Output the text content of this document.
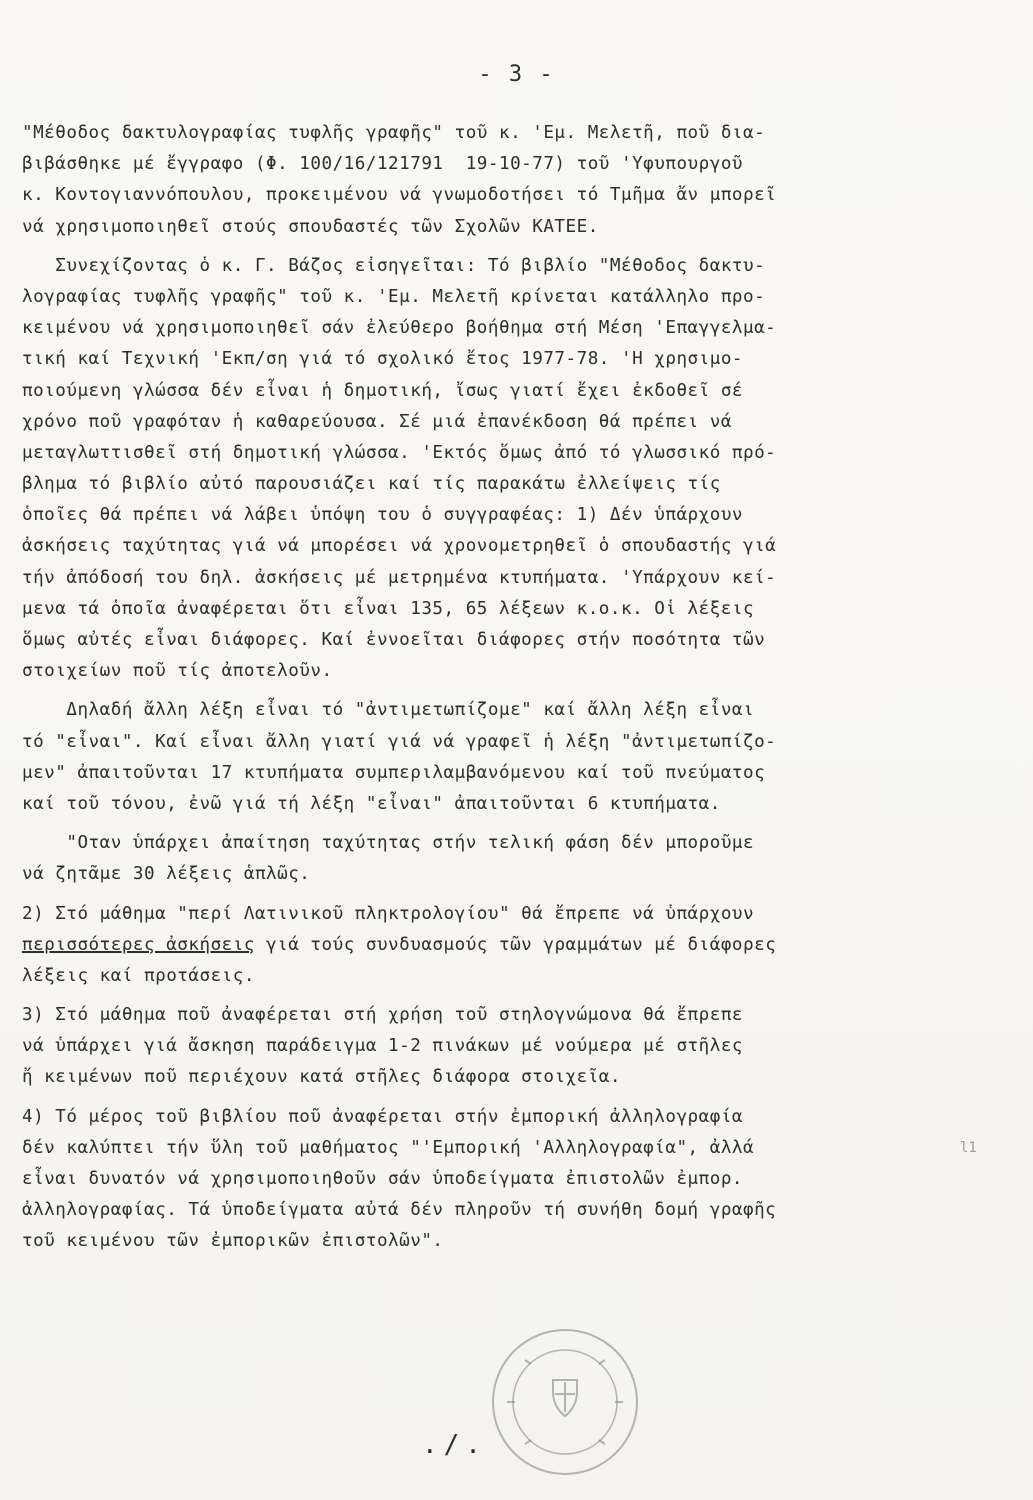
- 3 -
"Μέθοδος δακτυλογραφίας τυφλῆς γραφῆς" τοῦ κ. 'Εμ. Μελετῆ, ποῦ δια-
βιβάσθηκε μέ ἔγγραφο (Φ. 100/16/121791  19-10-77) τοῦ 'Υφυπουργοῦ
κ. Κοντογιαννόπουλου, προκειμένου νά γνωμοδοτήσει τό Τμῆμα ἄν μπορεῖ
νά χρησιμοποιηθεῖ στούς σπουδαστές τῶν Σχολῶν ΚΑΤΕΕ.
Συνεχίζοντας ὁ κ. Γ. Βάζος εἰσηγεῖται: Τό βιβλίο "Μέθοδος δακτυ-
λογραφίας τυφλῆς γραφῆς" τοῦ κ. 'Εμ. Μελετῆ κρίνεται κατάλληλο προ-
κειμένου νά χρησιμοποιηθεῖ σάν ἐλεύθερο βοήθημα στή Μέση 'Επαγγελμα-
τική καί Τεχνική 'Εκπ/ση γιά τό σχολικό ἔτος 1977-78. 'Η χρησιμο-
ποιούμενη γλώσσα δέν εἶναι ἡ δημοτική, ἴσως γιατί ἔχει ἐκδοθεῖ σέ
χρόνο ποῦ γραφόταν ἡ καθαρεύουσα. Σέ μιά ἐπανέκδοση θά πρέπει νά
μεταγλωττισθεῖ στή δημοτική γλώσσα. 'Εκτός ὅμως ἀπό τό γλωσσικό πρό-
βλημα τό βιβλίο αὐτό παρουσιάζει καί τίς παρακάτω ἐλλείψεις τίς
ὁποῖες θά πρέπει νά λάβει ὑπόψη του ὁ συγγραφέας: 1) Δέν ὑπάρχουν
ἀσκήσεις ταχύτητας γιά νά μπορέσει νά χρονομετρηθεῖ ὁ σπουδαστής γιά
τήν ἀπόδοσή του δηλ. ἀσκήσεις μέ μετρημένα κτυπήματα. 'Υπάρχουν κεί-
μενα τά ὁποῖα ἀναφέρεται ὅτι εἶναι 135, 65 λέξεων κ.ο.κ. Οἱ λέξεις
ὅμως αὐτές εἶναι διάφορες. Καί ἐννοεῖται διάφορες στήν ποσότητα τῶν
στοιχείων ποῦ τίς ἀποτελοῦν.
Δηλαδή ἄλλη λέξη εἶναι τό "ἀντιμετωπίζομε" καί ἄλλη λέξη εἶναι
τό "εἶναι". Καί εἶναι ἄλλη γιατί γιά νά γραφεῖ ἡ λέξη "ἀντιμετωπίζο-
μεν" ἀπαιτοῦνται 17 κτυπήματα συμπεριλαμβανόμενου καί τοῦ πνεύματος
καί τοῦ τόνου, ἐνῶ γιά τή λέξη "εἶναι" ἀπαιτοῦνται 6 κτυπήματα.
"Οταν ὑπάρχει ἀπαίτηση ταχύτητας στήν τελική φάση δέν μποροῦμε
νά ζητᾶμε 30 λέξεις ἁπλῶς.
2) Στό μάθημα "περί Λατινικοῦ πληκτρολογίου" θά ἔπρεπε νά ὑπάρχουν
περισσότερες ἀσκήσεις γιά τούς συνδυασμούς τῶν γραμμάτων μέ διάφορες
λέξεις καί προτάσεις.
3) Στό μάθημα ποῦ ἀναφέρεται στή χρήση τοῦ στηλογνώμονα θά ἔπρεπε
νά ὑπάρχει γιά ἄσκηση παράδειγμα 1-2 πινάκων μέ νούμερα μέ στῆλες
ἤ κειμένων ποῦ περιέχουν κατά στῆλες διάφορα στοιχεῖα.
4) Τό μέρος τοῦ βιβλίου ποῦ ἀναφέρεται στήν ἐμπορική ἀλληλογραφία
δέν καλύπτει τήν ὕλη τοῦ μαθήματος "'Εμπορική 'Αλληλογραφία", ἀλλά
εἶναι δυνατόν νά χρησιμοποιηθοῦν σάν ὑποδείγματα ἐπιστολῶν ἐμπορ.
ἀλληλογραφίας. Τά ὑποδείγματα αὐτά δέν πληροῦν τή συνήθη δομή γραφῆς
τοῦ κειμένου τῶν ἐμπορικῶν ἐπιστολῶν".
l1
./.
